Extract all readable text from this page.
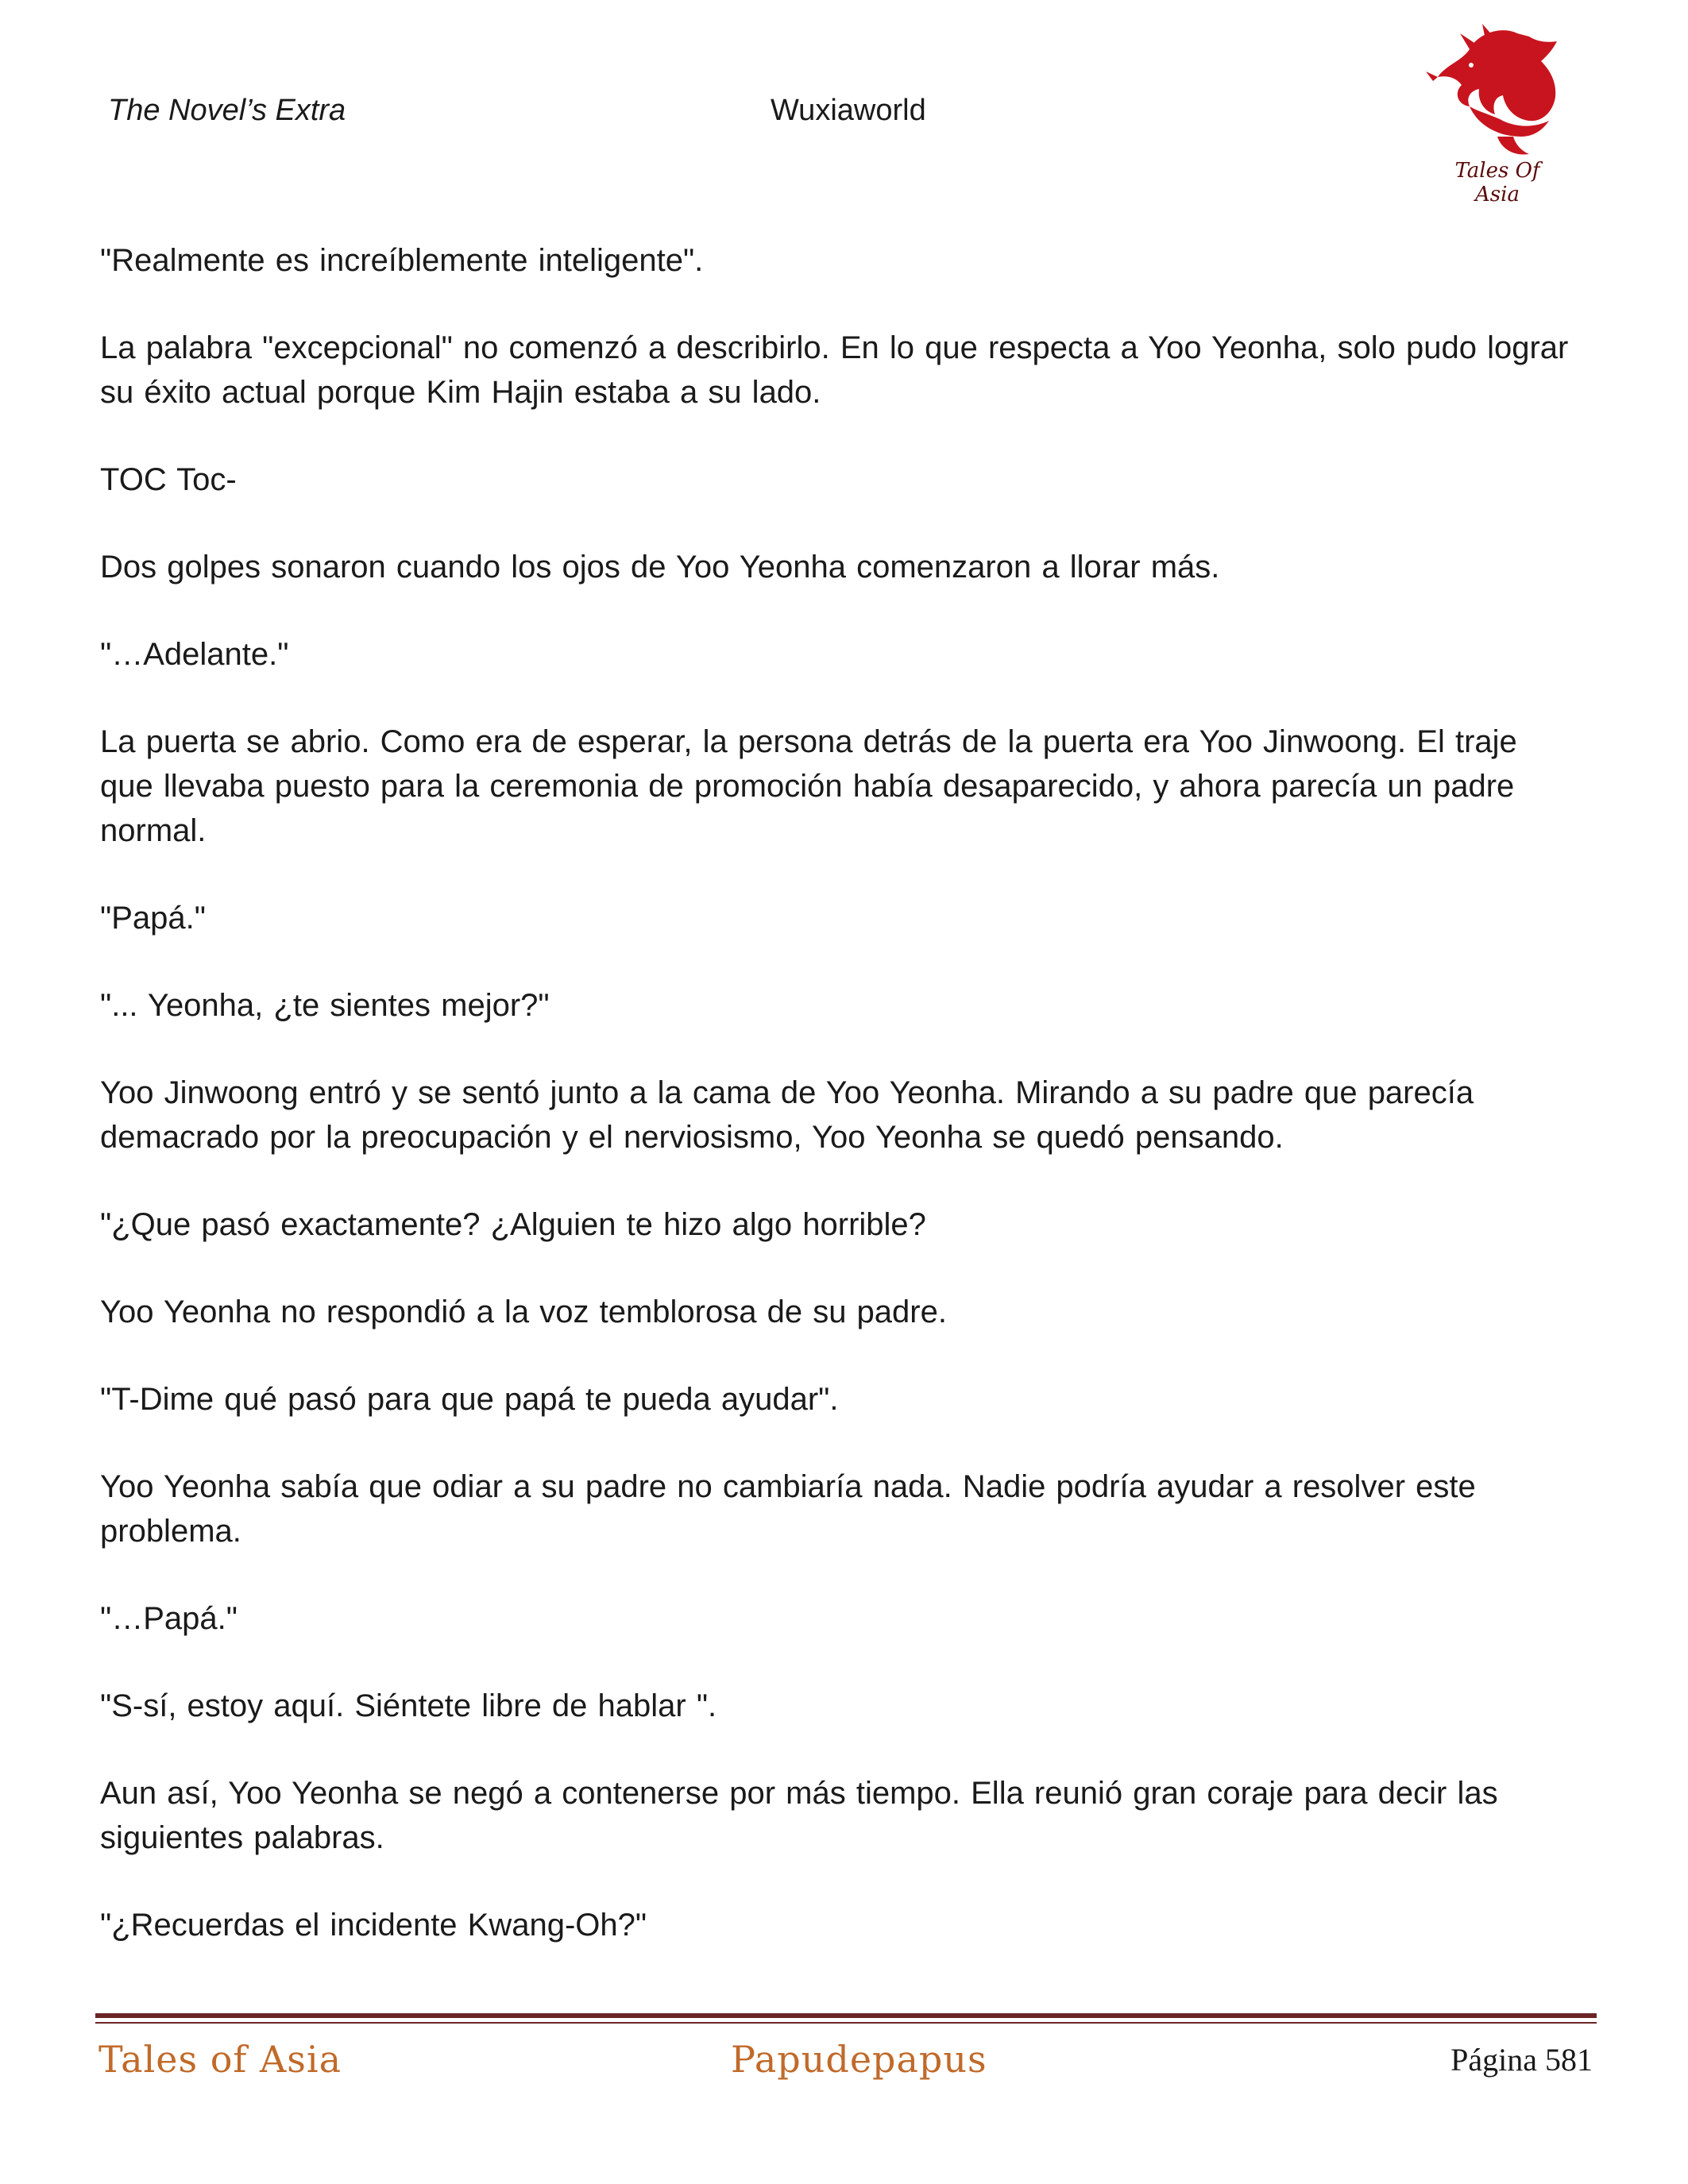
The Novel’s Extra	Wuxiaworld
Tales Of Asia

"Realmente es increíblemente inteligente".

La palabra "excepcional" no comenzó a describirlo. En lo que respecta a Yoo Yeonha, solo pudo lograr su éxito actual porque Kim Hajin estaba a su lado.

TOC Toc-

Dos golpes sonaron cuando los ojos de Yoo Yeonha comenzaron a llorar más.

"…Adelante."

La puerta se abrio. Como era de esperar, la persona detrás de la puerta era Yoo Jinwoong. El traje que llevaba puesto para la ceremonia de promoción había desaparecido, y ahora parecía un padre normal.

"Papá."

"... Yeonha, ¿te sientes mejor?"

Yoo Jinwoong entró y se sentó junto a la cama de Yoo Yeonha. Mirando a su padre que parecía demacrado por la preocupación y el nerviosismo, Yoo Yeonha se quedó pensando.

"¿Que pasó exactamente? ¿Alguien te hizo algo horrible?

Yoo Yeonha no respondió a la voz temblorosa de su padre.

"T-Dime qué pasó para que papá te pueda ayudar".

Yoo Yeonha sabía que odiar a su padre no cambiaría nada. Nadie podría ayudar a resolver este problema.

"…Papá."

"S-sí, estoy aquí. Siéntete libre de hablar ".

Aun así, Yoo Yeonha se negó a contenerse por más tiempo. Ella reunió gran coraje para decir las siguientes palabras.

"¿Recuerdas el incidente Kwang-Oh?"

Tales of Asia	Papudepapus	Página 581
